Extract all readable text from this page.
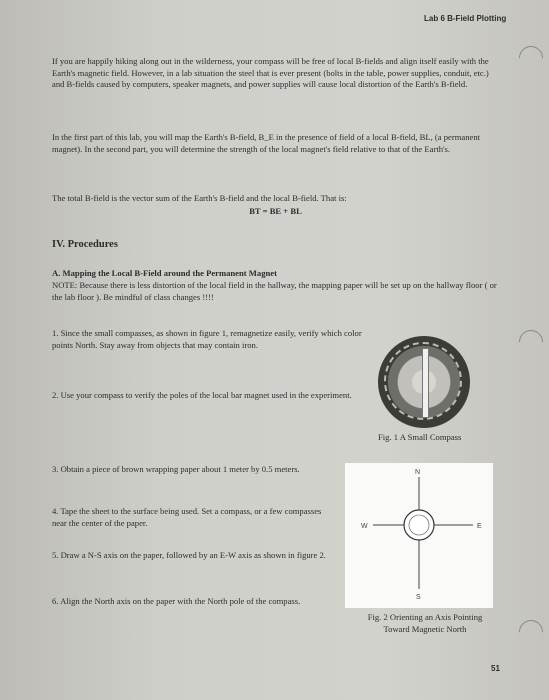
Lab 6 B-Field Plotting

If you are happily hiking along out in the wilderness, your compass will be free of local B-fields and align itself easily with the Earth's magnetic field. However, in a lab situation the steel that is ever present (bolts in the table, power supplies, conduit, etc.) and B-fields caused by computers, speaker magnets, and power supplies will cause local distortion of the Earth's B-field.

In the first part of this lab, you will map the Earth's B-field, B_E in the presence of field of a local B-field, BL, (a permanent magnet). In the second part, you will determine the strength of the local magnet's field relative to that of the Earth's.

The total B-field is the vector sum of the Earth's B-field and the local B-field. That is:

BT = BE + BL
IV. Procedures
A. Mapping the Local B-Field around the Permanent Magnet

NOTE: Because there is less distortion of the local field in the hallway, the mapping paper will be set up on the hallway floor ( or the lab floor ). Be mindful of class changes !!!!

1. Since the small compasses, as shown in figure 1, remagnetize easily, verify which color points North. Stay away from objects that may contain iron.

2. Use your compass to verify the poles of the local bar magnet used in the experiment.

Fig. 1 A Small Compass

3. Obtain a piece of brown wrapping paper about 1 meter by 0.5 meters.

4. Tape the sheet to the surface being used. Set a compass, or a few compasses near the center of the paper.

5. Draw a N-S axis on the paper, followed by an E-W axis as shown in figure 2.

6. Align the North axis on the paper with the North pole of the compass.

N
S
E
W
Fig. 2 Orienting an Axis Pointing
Toward Magnetic North
51
